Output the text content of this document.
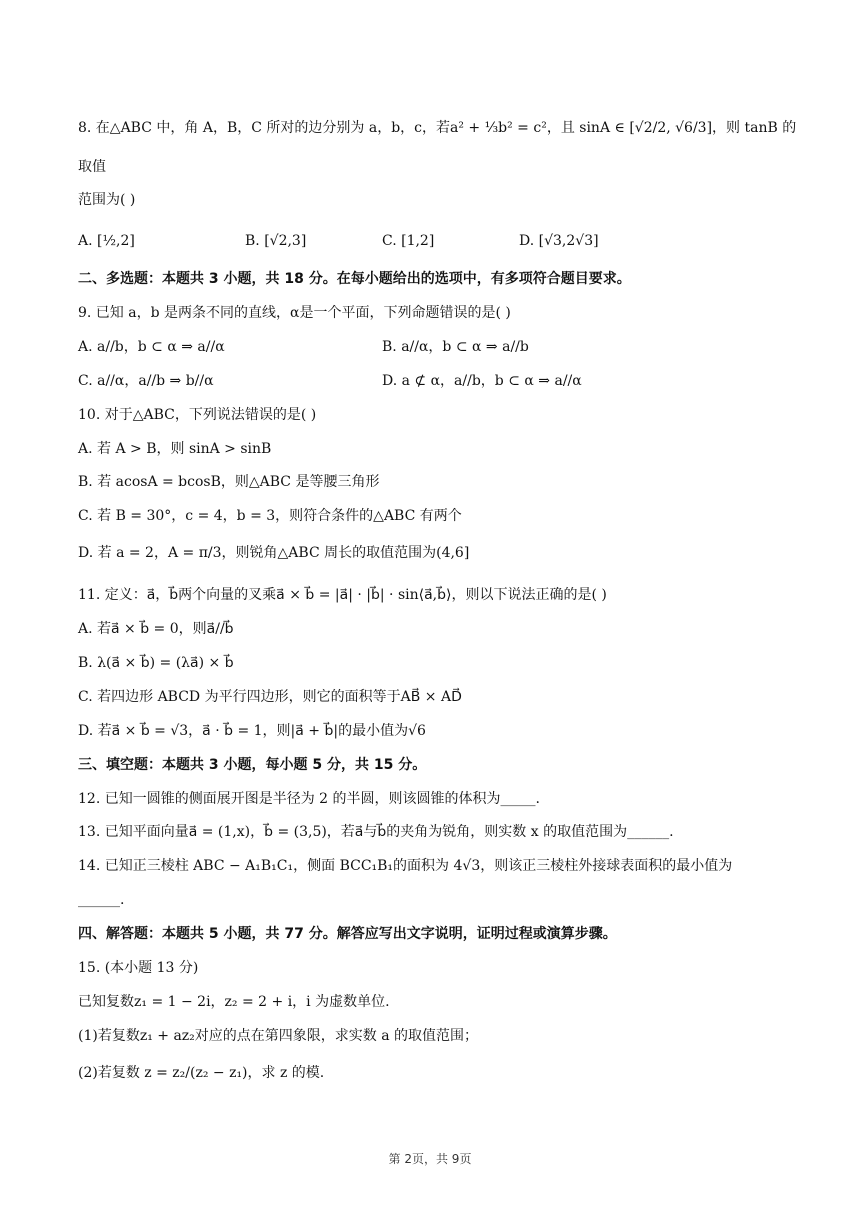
8. 在△ABC 中，角 A，B，C 所对的边分别为 a，b，c，若a² + ⅓b² = c²，且 sinA ∈ [√2/2, √6/3]，则 tanB 的
取值
范围为( )
A. [½,2]	B. [√2,3]	C. [1,2]	D. [√3,2√3]
二、多选题：本题共 3 小题，共 18 分。在每小题给出的选项中，有多项符合题目要求。
9. 已知 a，b 是两条不同的直线，α是一个平面，下列命题错误的是( )
A. a//b，b ⊂ α ⇒ a//α	B. a//α，b ⊂ α ⇒ a//b
C. a//α，a//b ⇒ b//α	D. a ⊄ α，a//b，b ⊂ α ⇒ a//α
10. 对于△ABC，下列说法错误的是( )
A. 若 A > B，则 sinA > sinB
B. 若 acosA = bcosB，则△ABC 是等腰三角形
C. 若 B = 30°，c = 4，b = 3，则符合条件的△ABC 有两个
D. 若 a = 2，A = π/3，则锐角△ABC 周长的取值范围为(4,6]
11. 定义：a⃗，b⃗两个向量的叉乘a⃗ × b⃗ = |a⃗| · |b⃗| · sin⟨a⃗,b⃗⟩，则以下说法正确的是( )
A. 若a⃗ × b⃗ = 0，则a⃗//b⃗
B. λ(a⃗ × b⃗) = (λa⃗) × b⃗
C. 若四边形 ABCD 为平行四边形，则它的面积等于AB⃗ × AD⃗
D. 若a⃗ × b⃗ = √3，a⃗ · b⃗ = 1，则|a⃗ + b⃗|的最小值为√6
三、填空题：本题共 3 小题，每小题 5 分，共 15 分。
12. 已知一圆锥的侧面展开图是半径为 2 的半圆，则该圆锥的体积为_____.
13. 已知平面向量a⃗ = (1,x)，b⃗ = (3,5)，若a⃗与b⃗的夹角为锐角，则实数 x 的取值范围为______.
14. 已知正三棱柱 ABC − A₁B₁C₁，侧面 BCC₁B₁的面积为 4√3，则该正三棱柱外接球表面积的最小值为
______.
四、解答题：本题共 5 小题，共 77 分。解答应写出文字说明，证明过程或演算步骤。
15. (本小题 13 分)
已知复数z₁ = 1 − 2i，z₂ = 2 + i，i 为虚数单位.
(1)若复数z₁ + az₂对应的点在第四象限，求实数 a 的取值范围；
(2)若复数 z = z₂/(z₂ − z₁)，求 z 的模.
第 2页，共 9页
